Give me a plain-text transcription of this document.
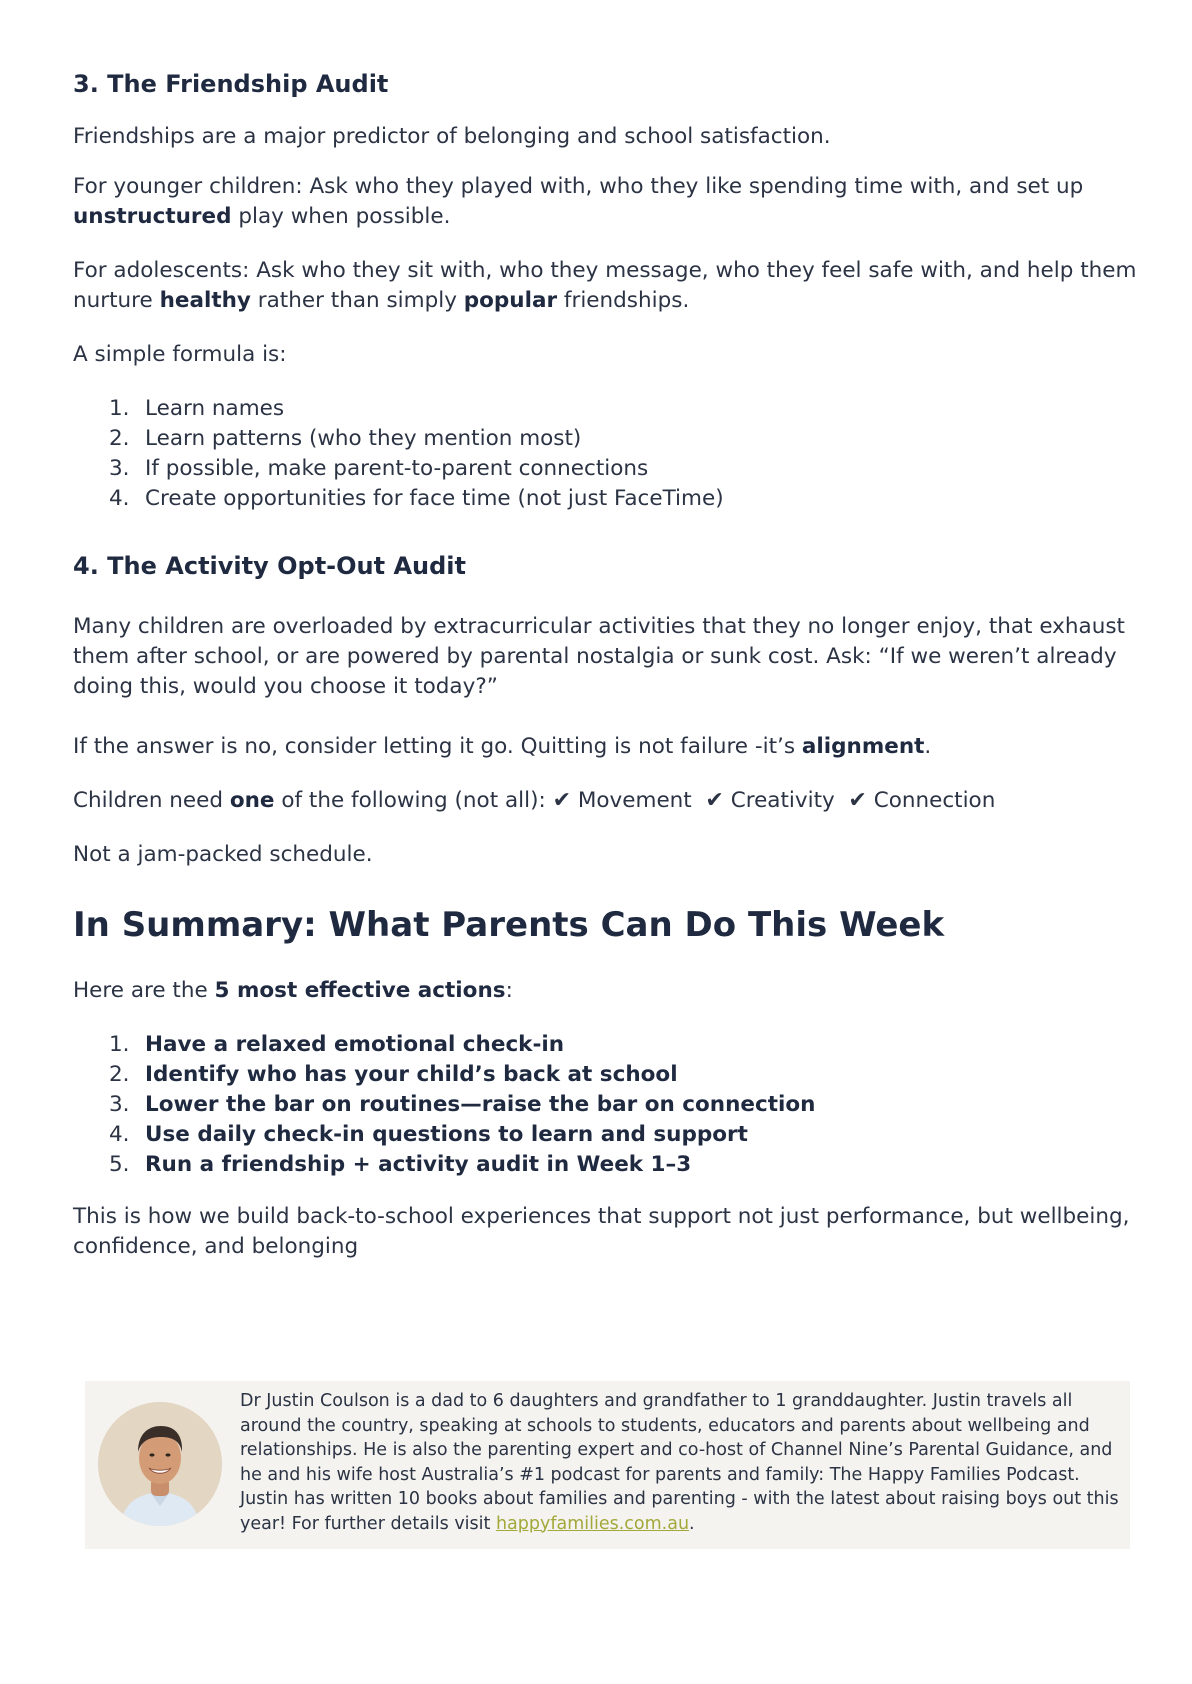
3. The Friendship Audit

Friendships are a major predictor of belonging and school satisfaction.

For younger children: Ask who they played with, who they like spending time with, and set up unstructured play when possible.

For adolescents: Ask who they sit with, who they message, who they feel safe with, and help them nurture healthy rather than simply popular friendships.

A simple formula is:

1. Learn names
2. Learn patterns (who they mention most)
3. If possible, make parent-to-parent connections
4. Create opportunities for face time (not just FaceTime)
4. The Activity Opt-Out Audit

Many children are overloaded by extracurricular activities that they no longer enjoy, that exhaust them after school, or are powered by parental nostalgia or sunk cost. Ask: “If we weren’t already doing this, would you choose it today?”

If the answer is no, consider letting it go. Quitting is not failure -it’s alignment.

Children need one of the following (not all): ✔ Movement ✔ Creativity ✔ Connection

Not a jam-packed schedule.

In Summary: What Parents Can Do This Week

Here are the 5 most effective actions:

1. Have a relaxed emotional check-in
2. Identify who has your child’s back at school
3. Lower the bar on routines—raise the bar on connection
4. Use daily check-in questions to learn and support
5. Run a friendship + activity audit in Week 1–3

This is how we build back-to-school experiences that support not just performance, but wellbeing, confidence, and belonging

Dr Justin Coulson is a dad to 6 daughters and grandfather to 1 granddaughter. Justin travels all around the country, speaking at schools to students, educators and parents about wellbeing and relationships. He is also the parenting expert and co-host of Channel Nine’s Parental Guidance, and he and his wife host Australia’s #1 podcast for parents and family: The Happy Families Podcast. Justin has written 10 books about families and parenting - with the latest about raising boys out this year! For further details visit happyfamilies.com.au.
